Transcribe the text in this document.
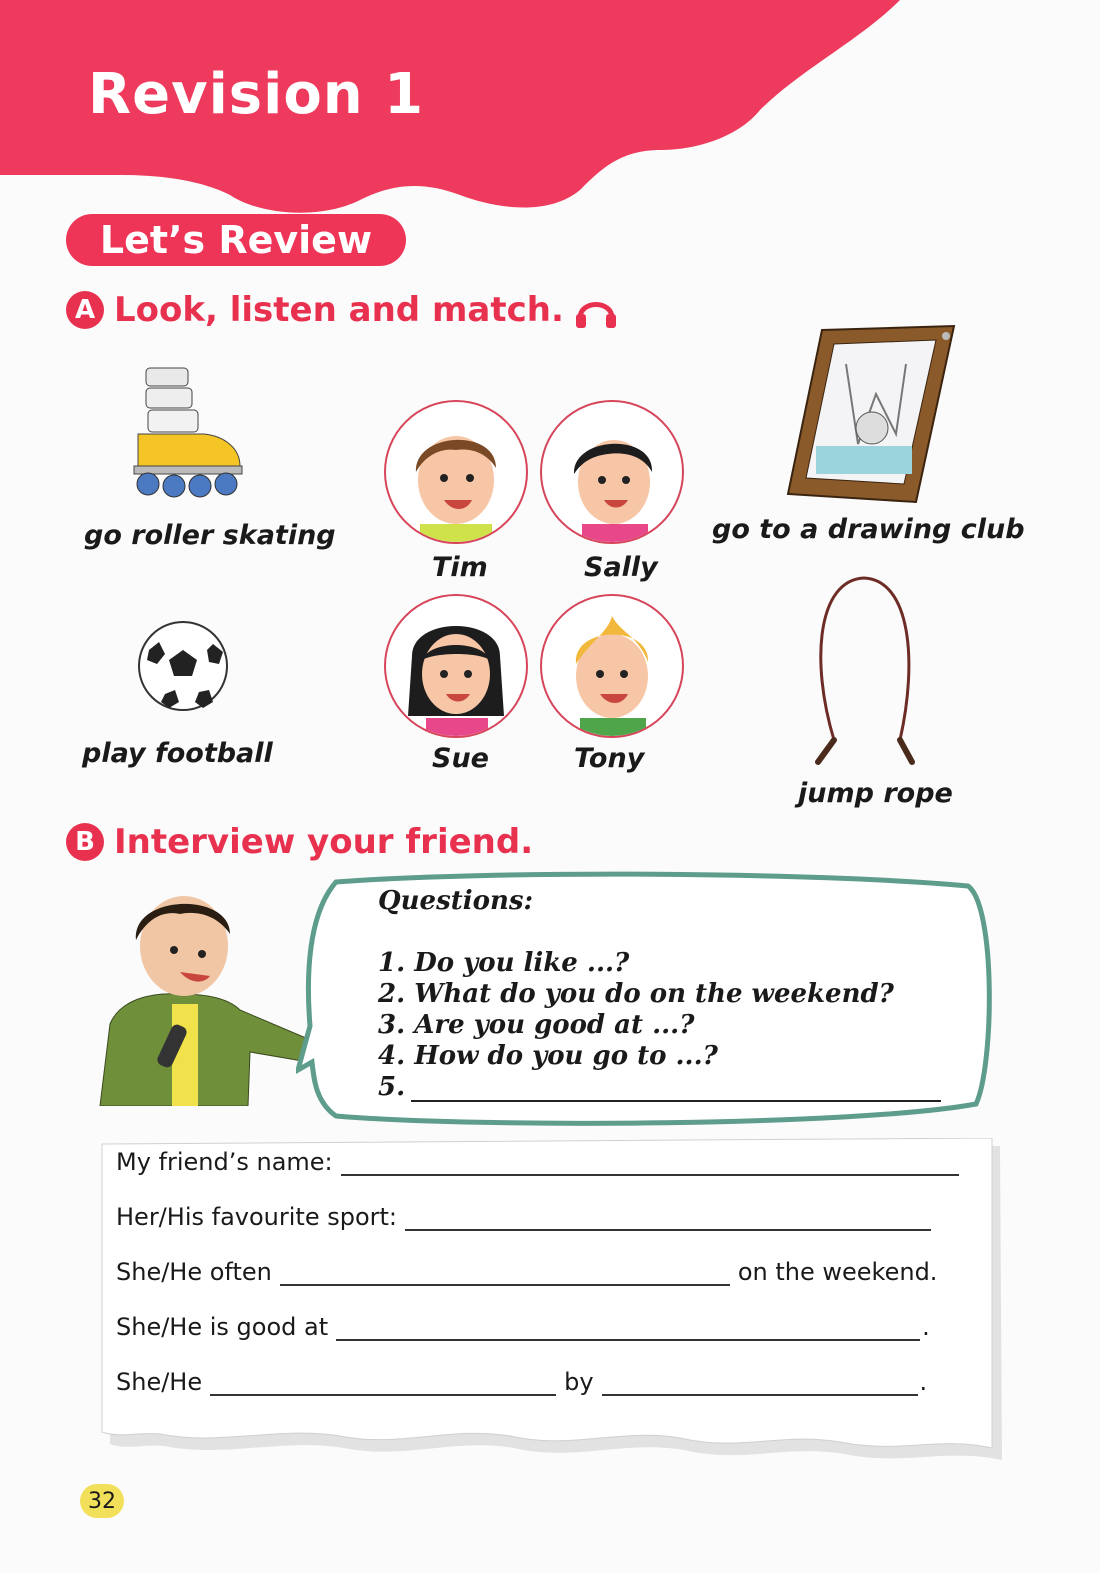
Revision 1
Let’s Review
A Look, listen and match.
go roller skating
play football
Tim	Sally
Sue	Tony
go to a drawing club
jump rope
B Interview your friend.
Questions:
1. Do you like ...?
2. What do you do on the weekend?
3. Are you good at ...?
4. How do you go to ...?
5.
My friend’s name:
Her/His favourite sport:
She/He often	on the weekend.
She/He is good at	.
She/He	by	.
32
